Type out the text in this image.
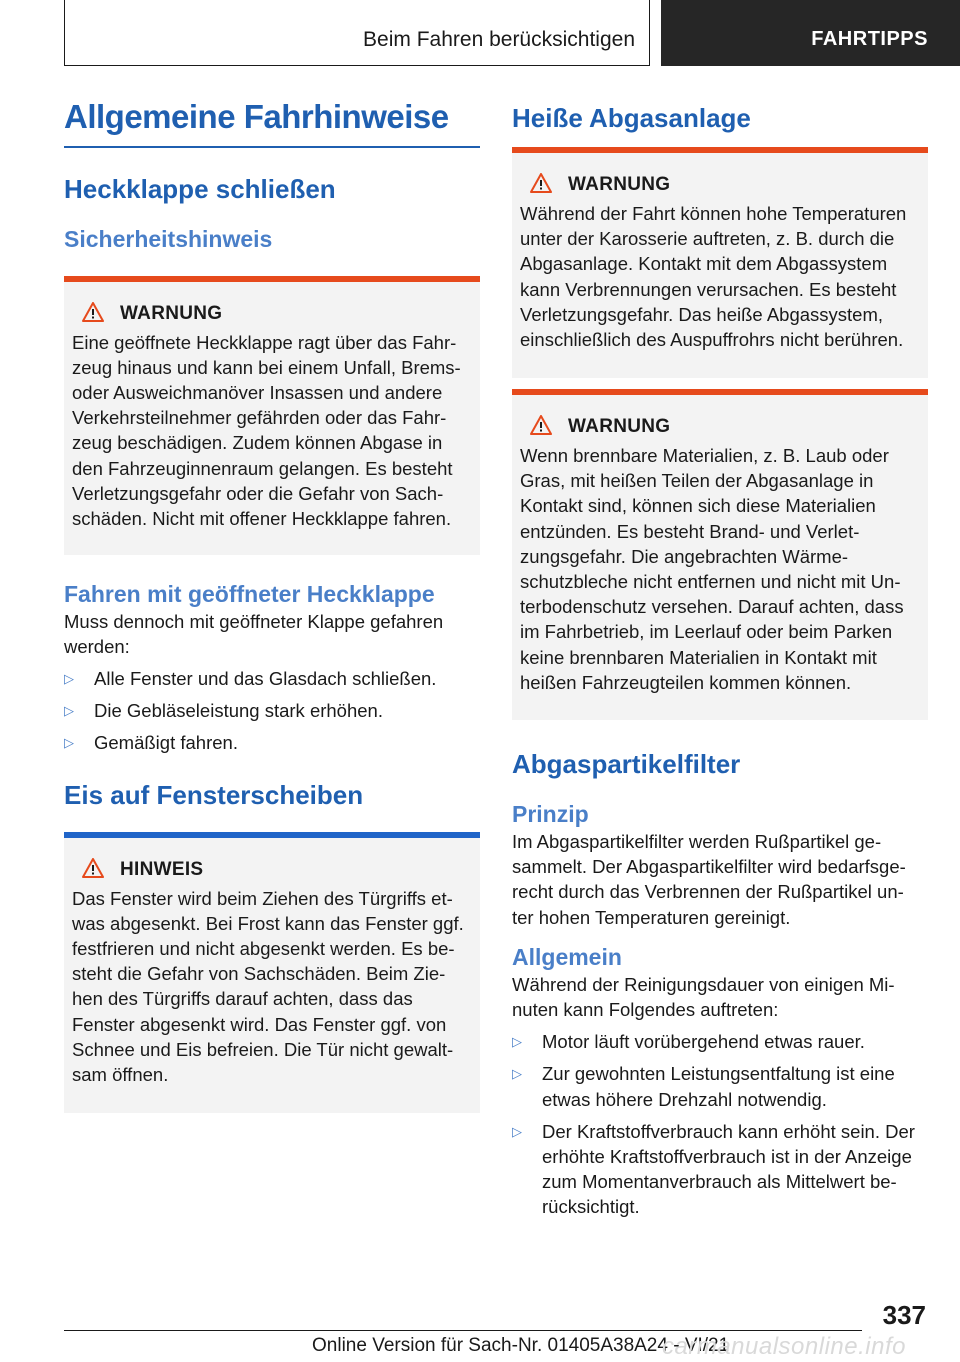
Beim Fahren berücksichtigen	FAHRTIPPS
Allgemeine Fahrhinweise
Heckklappe schließen
Sicherheitshinweis
WARNUNG
Eine geöffnete Heckklappe ragt über das Fahr-
zeug hinaus und kann bei einem Unfall, Brems-
oder Ausweichmanöver Insassen und andere
Verkehrsteilnehmer gefährden oder das Fahr-
zeug beschädigen. Zudem können Abgase in
den Fahrzeuginnenraum gelangen. Es besteht
Verletzungsgefahr oder die Gefahr von Sach-
schäden. Nicht mit offener Heckklappe fahren.
Fahren mit geöffneter Heckklappe
Muss dennoch mit geöffneter Klappe gefahren
werden:
▷	Alle Fenster und das Glasdach schließen.
▷	Die Gebläseleistung stark erhöhen.
▷	Gemäßigt fahren.
Eis auf Fensterscheiben
HINWEIS
Das Fenster wird beim Ziehen des Türgriffs et-
was abgesenkt. Bei Frost kann das Fenster ggf.
festfrieren und nicht abgesenkt werden. Es be-
steht die Gefahr von Sachschäden. Beim Zie-
hen des Türgriffs darauf achten, dass das
Fenster abgesenkt wird. Das Fenster ggf. von
Schnee und Eis befreien. Die Tür nicht gewalt-
sam öffnen.
Heiße Abgasanlage
WARNUNG
Während der Fahrt können hohe Temperaturen
unter der Karosserie auftreten, z. B. durch die
Abgasanlage. Kontakt mit dem Abgassystem
kann Verbrennungen verursachen. Es besteht
Verletzungsgefahr. Das heiße Abgassystem,
einschließlich des Auspuffrohrs nicht berühren.
WARNUNG
Wenn brennbare Materialien, z. B. Laub oder
Gras, mit heißen Teilen der Abgasanlage in
Kontakt sind, können sich diese Materialien
entzünden. Es besteht Brand- und Verlet-
zungsgefahr. Die angebrachten Wärme-
schutzbleche nicht entfernen und nicht mit Un-
terbodenschutz versehen. Darauf achten, dass
im Fahrbetrieb, im Leerlauf oder beim Parken
keine brennbaren Materialien in Kontakt mit
heißen Fahrzeugteilen kommen können.
Abgaspartikelfilter
Prinzip
Im Abgaspartikelfilter werden Rußpartikel ge-
sammelt. Der Abgaspartikelfilter wird bedarfsge-
recht durch das Verbrennen der Rußpartikel un-
ter hohen Temperaturen gereinigt.
Allgemein
Während der Reinigungsdauer von einigen Mi-
nuten kann Folgendes auftreten:
▷	Motor läuft vorübergehend etwas rauer.
▷	Zur gewohnten Leistungsentfaltung ist eine
etwas höhere Drehzahl notwendig.
▷	Der Kraftstoffverbrauch kann erhöht sein. Der
erhöhte Kraftstoffverbrauch ist in der Anzeige
zum Momentanverbrauch als Mittelwert be-
rücksichtigt.
337
Online Version für Sach-Nr. 01405A38A24 - VI/21
carmanualsonline.info
